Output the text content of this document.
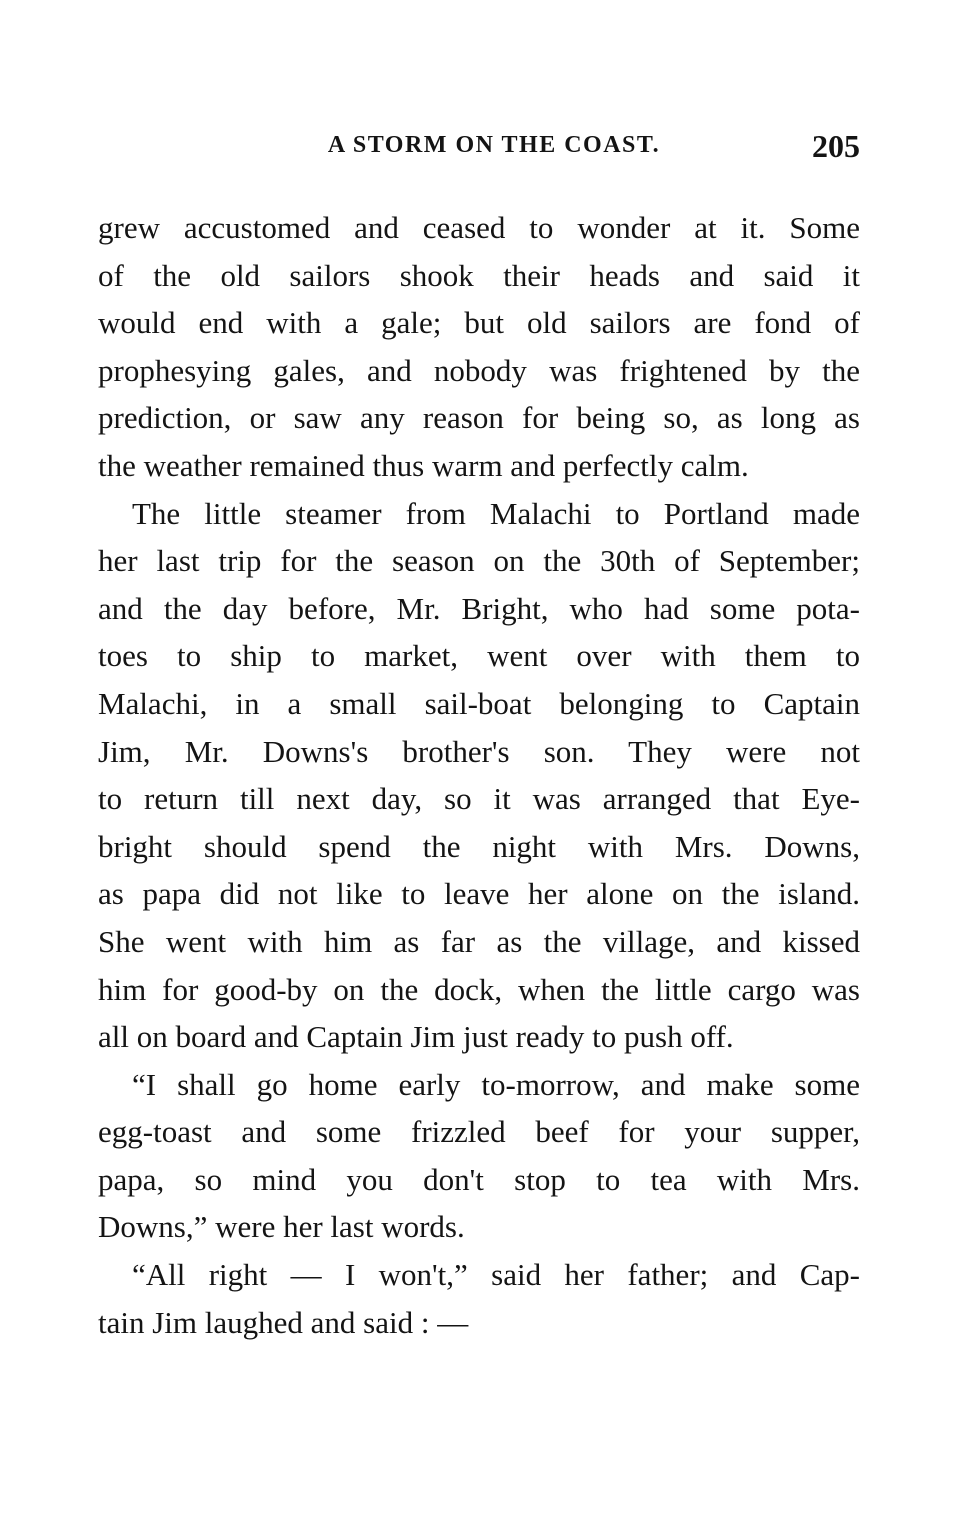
A STORM ON THE COAST.	205
grew accustomed and ceased to wonder at it. Some
of the old sailors shook their heads and said it
would end with a gale; but old sailors are fond of
prophesying gales, and nobody was frightened by the
prediction, or saw any reason for being so, as long as
the weather remained thus warm and perfectly calm.
The little steamer from Malachi to Portland made
her last trip for the season on the 30th of September;
and the day before, Mr. Bright, who had some pota-
toes to ship to market, went over with them to
Malachi, in a small sail-boat belonging to Captain
Jim, Mr. Downs's brother's son. They were not
to return till next day, so it was arranged that Eye-
bright should spend the night with Mrs. Downs,
as papa did not like to leave her alone on the island.
She went with him as far as the village, and kissed
him for good-by on the dock, when the little cargo was
all on board and Captain Jim just ready to push off.
“I shall go home early to-morrow, and make some
egg-toast and some frizzled beef for your supper,
papa, so mind you don't stop to tea with Mrs.
Downs,” were her last words.
“All right — I won't,” said her father; and Cap-
tain Jim laughed and said : —
